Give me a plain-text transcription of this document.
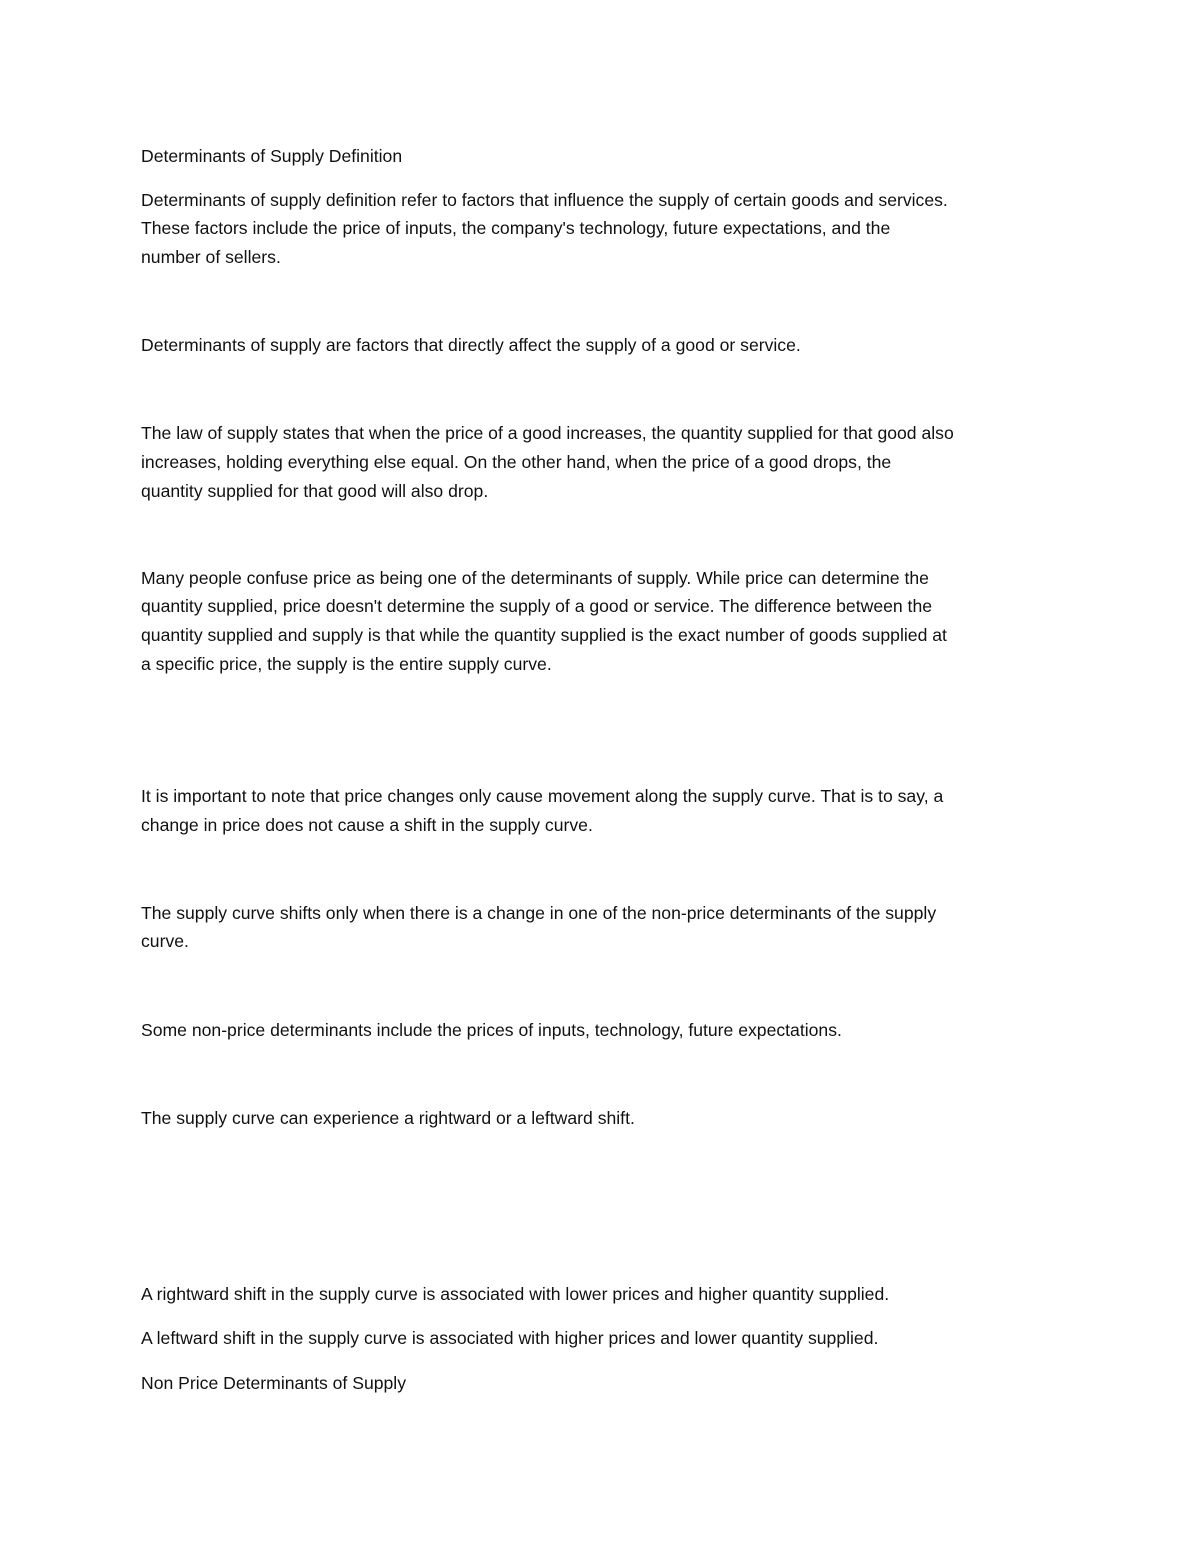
Determinants of Supply Definition

Determinants of supply definition refer to factors that influence the supply of certain goods and services.

These factors include the price of inputs, the company's technology, future expectations, and the

number of sellers.

Determinants of supply are factors that directly affect the supply of a good or service.

The law of supply states that when the price of a good increases, the quantity supplied for that good also

increases, holding everything else equal. On the other hand, when the price of a good drops, the

quantity supplied for that good will also drop.

Many people confuse price as being one of the determinants of supply. While price can determine the

quantity supplied, price doesn't determine the supply of a good or service. The difference between the

quantity supplied and supply is that while the quantity supplied is the exact number of goods supplied at

a specific price, the supply is the entire supply curve.

It is important to note that price changes only cause movement along the supply curve. That is to say, a

change in price does not cause a shift in the supply curve.

The supply curve shifts only when there is a change in one of the non-price determinants of the supply

curve.

Some non-price determinants include the prices of inputs, technology, future expectations.

The supply curve can experience a rightward or a leftward shift.

A rightward shift in the supply curve is associated with lower prices and higher quantity supplied.

A leftward shift in the supply curve is associated with higher prices and lower quantity supplied.

Non Price Determinants of Supply
